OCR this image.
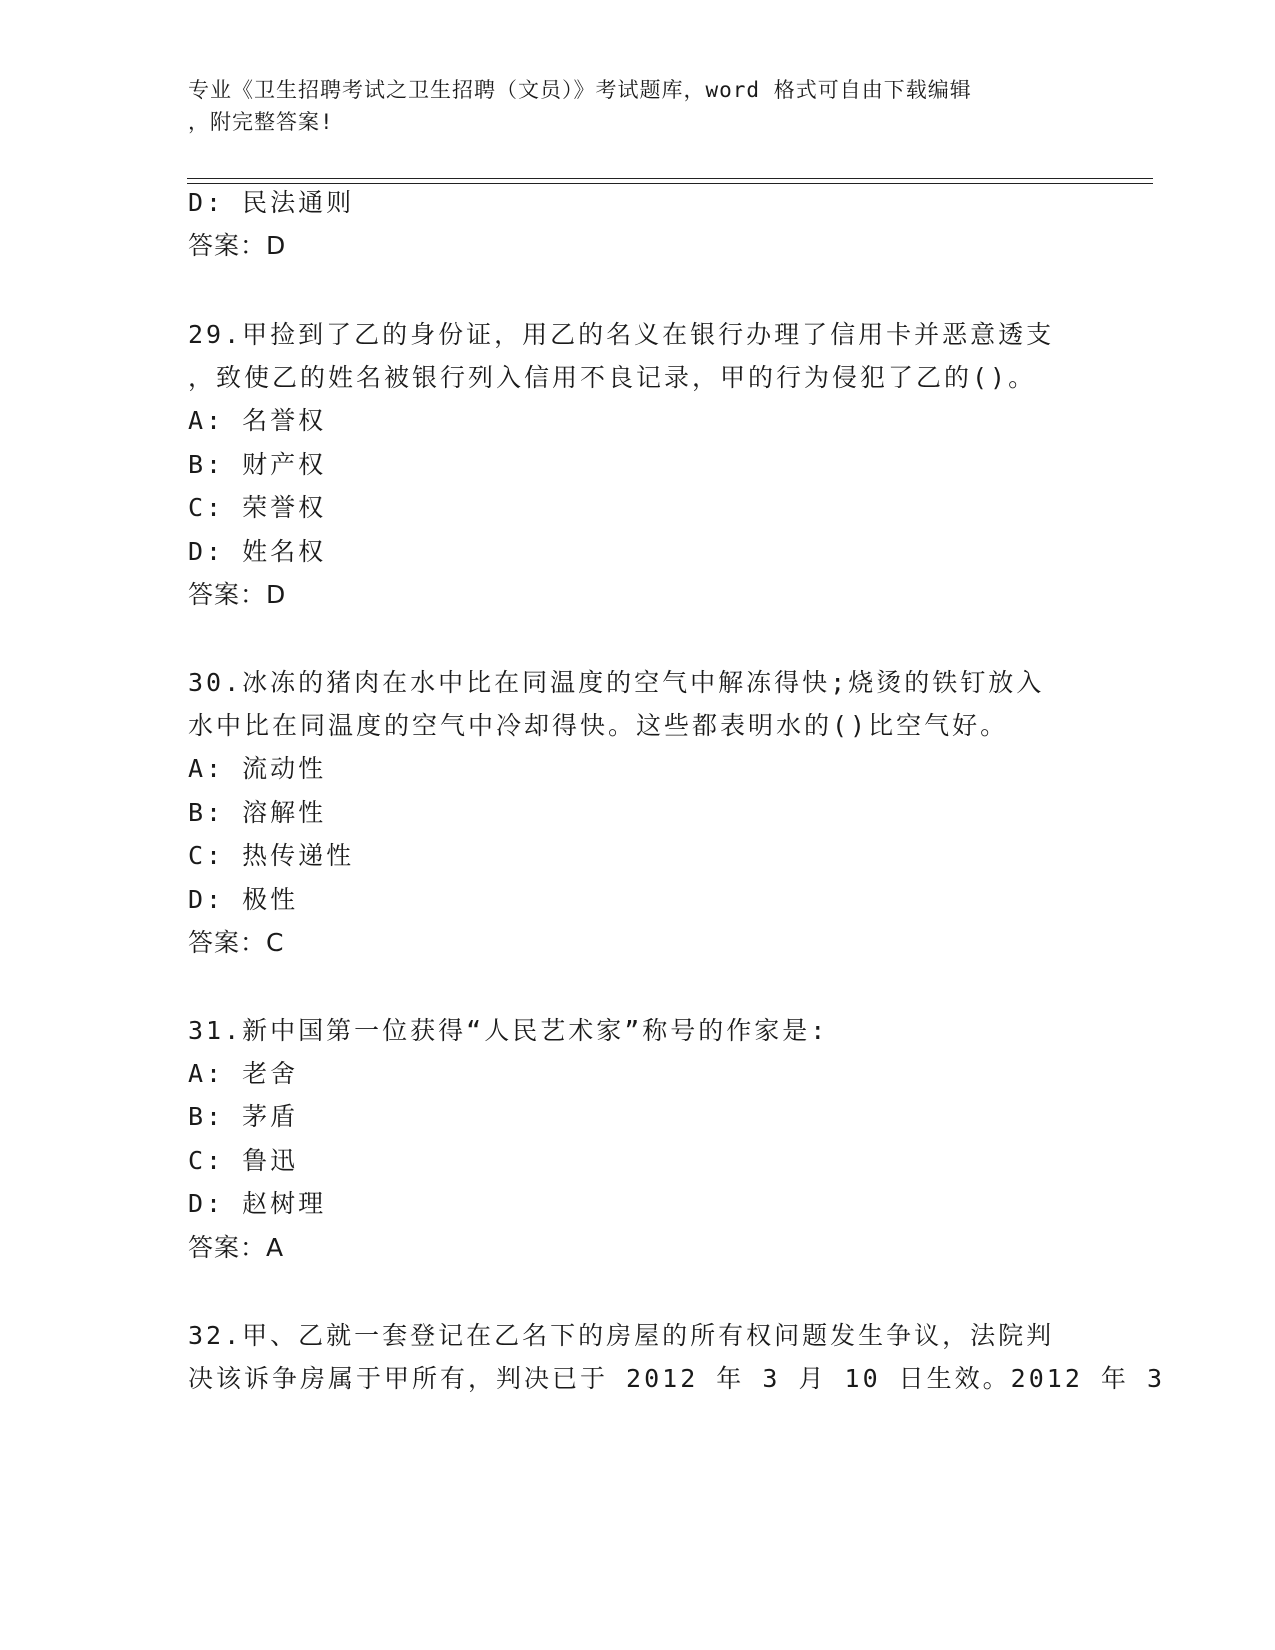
专业《卫生招聘考试之卫生招聘（文员）》考试题库，word 格式可自由下载编辑
，附完整答案!
D: 民法通则
答案：D
29.甲捡到了乙的身份证，用乙的名义在银行办理了信用卡并恶意透支
，致使乙的姓名被银行列入信用不良记录，甲的行为侵犯了乙的()。
A: 名誉权
B: 财产权
C: 荣誉权
D: 姓名权
答案：D
30.冰冻的猪肉在水中比在同温度的空气中解冻得快;烧烫的铁钉放入
水中比在同温度的空气中冷却得快。这些都表明水的()比空气好。
A: 流动性
B: 溶解性
C: 热传递性
D: 极性
答案：C
31.新中国第一位获得“人民艺术家”称号的作家是:
A: 老舍
B: 茅盾
C: 鲁迅
D: 赵树理
答案：A
32.甲、乙就一套登记在乙名下的房屋的所有权问题发生争议，法院判
决该诉争房属于甲所有，判决已于 2012 年 3 月 10 日生效。2012 年 3
